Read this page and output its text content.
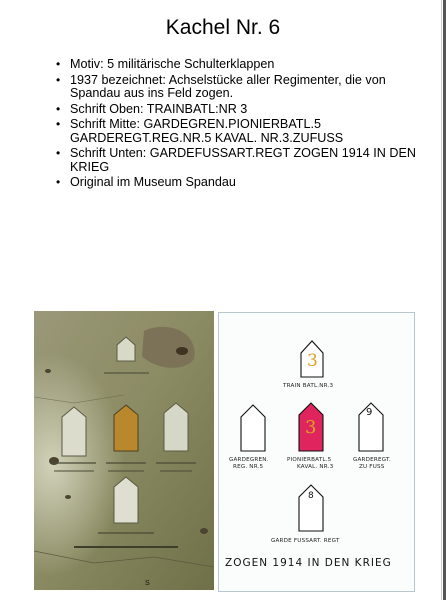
Kachel Nr. 6
• Motiv: 5 militärische Schulterklappen
• 1937 bezeichnet: Achselstücke aller Regimenter, die von Spandau aus ins Feld zogen.
• Schrift Oben: TRAINBATL:NR 3
• Schrift Mitte: GARDEGREN.PIONIERBATL.5 GARDEREGT.REG.NR.5 KAVAL. NR.3.ZUFUSS
• Schrift Unten: GARDEFUSSART.REGT ZOGEN 1914 IN DEN KRIEG
• Original im Museum Spandau
3
3
9
8
TRAIN BATL.NR.3
GARDEGREN.
REG. NR.5
PIONIERBATL.5
KAVAL. NR.3
GARDEREGT.
ZU FUSS
GARDE FUSSART. REGT
ZOGEN 1914 IN DEN KRIEG
S
